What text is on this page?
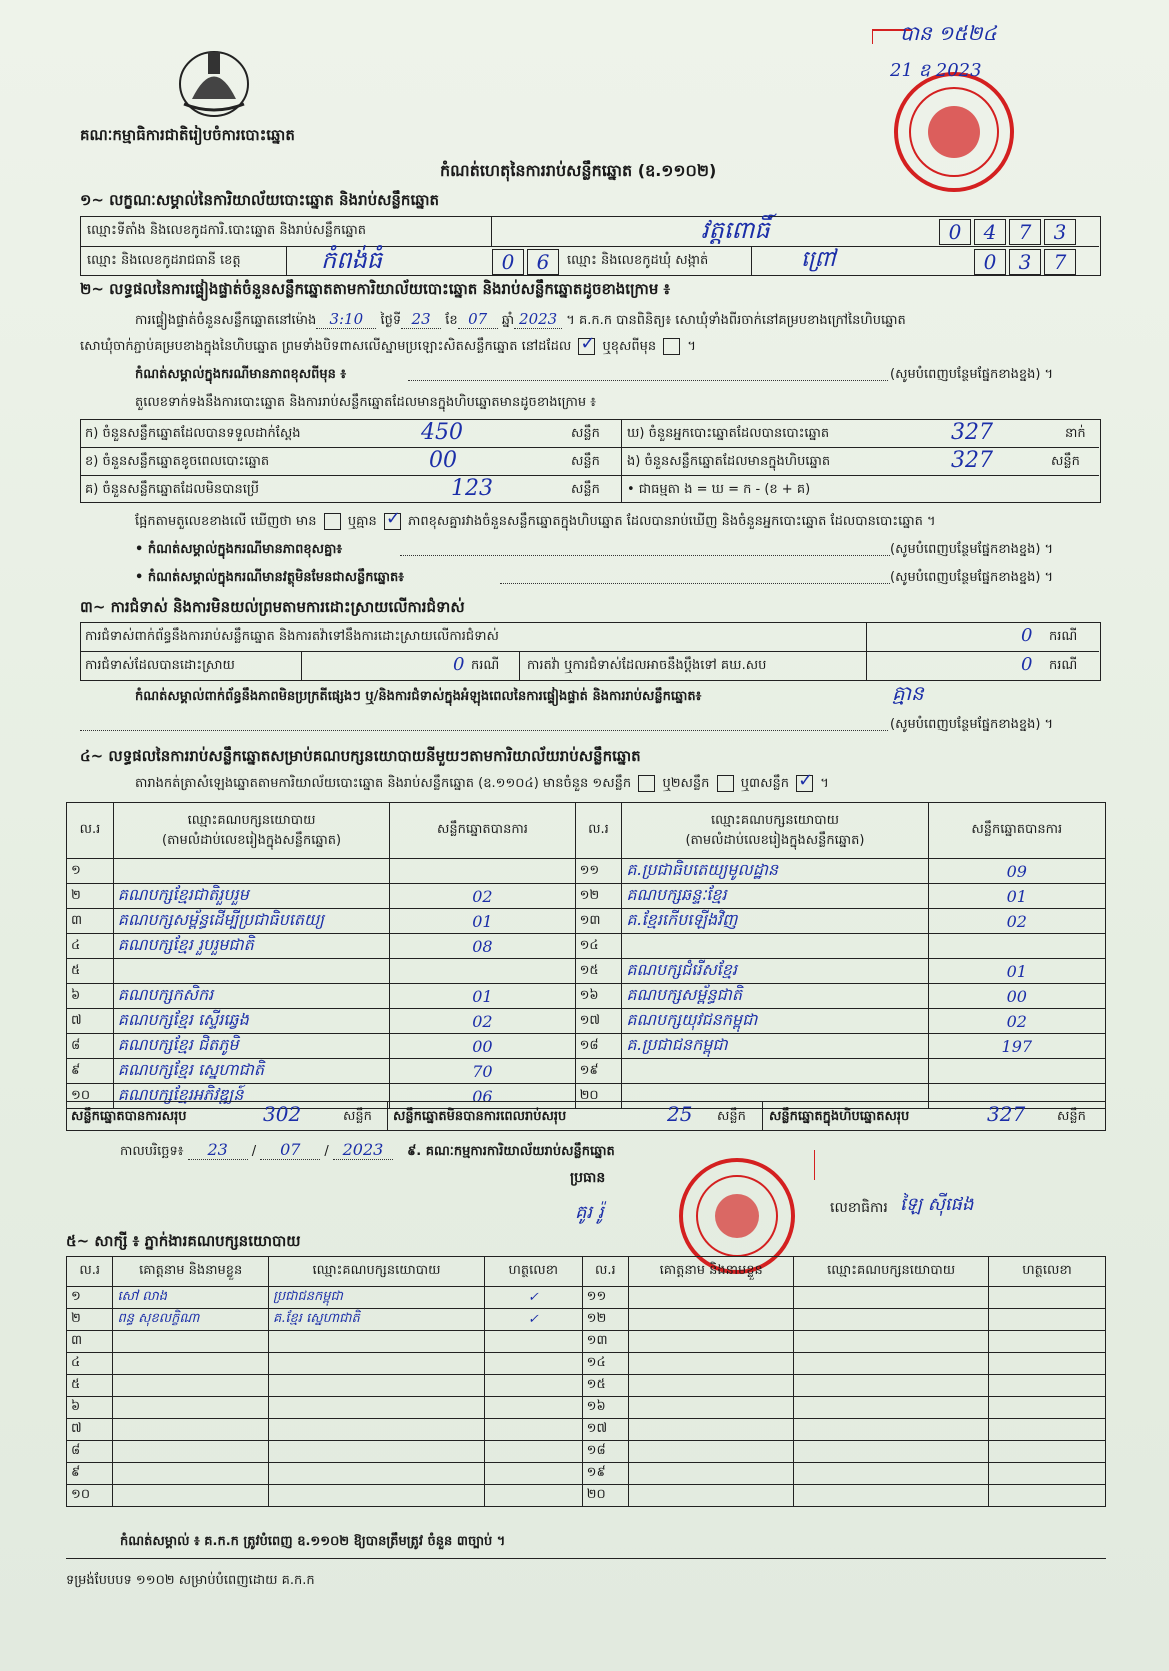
គណៈកម្មាធិការជាតិរៀបចំការបោះឆ្នោត
បាន ១៥២៤
21 ឧ 2023
កំណត់ហេតុនៃការរាប់សន្លឹកឆ្នោត (ឧ.១១០២)
១~ លក្ខណៈសម្គាល់នៃការិយាល័យបោះឆ្នោត និងរាប់សន្លឹកឆ្នោត
ឈ្មោះទីតាំង និងលេខកូដការិ.បោះឆ្នោត និងរាប់សន្លឹកឆ្នោត	វត្តពោធិ៍	0	4	7	3
ឈ្មោះ និងលេខកូដរាជធានី ខេត្ត	កំពង់ធំ	0	6	ឈ្មោះ និងលេខកូដឃុំ សង្កាត់	ព្រៅ	0	3	7
២~ លទ្ធផលនៃការផ្ទៀងផ្ទាត់ចំនួនសន្លឹកឆ្នោតតាមការិយាល័យបោះឆ្នោត និងរាប់សន្លឹកឆ្នោតដូចខាងក្រោម ៖
ការផ្ទៀងផ្ទាត់ចំនួនសន្លឹកឆ្នោតនៅម៉ោង 3:10 ថ្ងៃទី 23 ខែ 07 ឆ្នាំ 2023 ។ គ.ក.ក បានពិនិត្យ៖ សោឃុំទាំងពីរចាក់នៅគម្របខាងក្រៅនៃហិបឆ្នោត
សោឃុំចាក់ភ្ជាប់គម្របខាងក្នុងនៃហិបឆ្នោត ព្រមទាំងបិទពាសលើស្នាមប្រឡោះសិតសន្លឹកឆ្នោត នៅដដែល ✓ ឬខុសពីមុន  ។
កំណត់សម្គាល់ក្នុងករណីមានភាពខុសពីមុន ៖	(សូមបំពេញបន្ថែមផ្នែកខាងខ្នង) ។
តួលេខទាក់ទងនឹងការបោះឆ្នោត និងការរាប់សន្លឹកឆ្នោតដែលមានក្នុងហិបឆ្នោតមានដូចខាងក្រោម ៖
ក) ចំនួនសន្លឹកឆ្នោតដែលបានទទួលដាក់ស្តែង	450	សន្លឹក
ខ) ចំនួនសន្លឹកឆ្នោតខូចពេលបោះឆ្នោត	00	សន្លឹក
គ) ចំនួនសន្លឹកឆ្នោតដែលមិនបានប្រើ	123	សន្លឹក
ឃ) ចំនួនអ្នកបោះឆ្នោតដែលបានបោះឆ្នោត	327	នាក់
ង) ចំនួនសន្លឹកឆ្នោតដែលមានក្នុងហិបឆ្នោត	327	សន្លឹក
• ជាធម្មតា ង = ឃ = ក - (ខ + គ)
ផ្អែកតាមតួលេខខាងលើ ឃើញថា មាន ឬគ្មាន ✓ ភាពខុសគ្នារវាងចំនួនសន្លឹកឆ្នោតក្នុងហិបឆ្នោត ដែលបានរាប់ឃើញ និងចំនួនអ្នកបោះឆ្នោត ដែលបានបោះឆ្នោត ។
• កំណត់សម្គាល់ក្នុងករណីមានភាពខុសគ្នា៖	(សូមបំពេញបន្ថែមផ្នែកខាងខ្នង) ។
• កំណត់សម្គាល់ក្នុងករណីមានវត្ថុមិនមែនជាសន្លឹកឆ្នោត៖	(សូមបំពេញបន្ថែមផ្នែកខាងខ្នង) ។
៣~ ការជំទាស់ និងការមិនយល់ព្រមតាមការដោះស្រាយលើការជំទាស់
ការជំទាស់ពាក់ព័ន្ធនឹងការរាប់សន្លឹកឆ្នោត និងការតវ៉ាទៅនឹងការដោះស្រាយលើការជំទាស់	0 ករណី
ការជំទាស់ដែលបានដោះស្រាយ	0 ករណី ការតវ៉ា ឬការជំទាស់ដែលអាចនឹងប្តឹងទៅ គឃ.សប	0 ករណី
កំណត់សម្គាល់ពាក់ព័ន្ធនឹងភាពមិនប្រក្រតីផ្សេងៗ ឬ/និងការជំទាស់ក្នុងអំឡុងពេលនៃការផ្ទៀងផ្ទាត់ និងការរាប់សន្លឹកឆ្នោត៖	គ្មាន
(សូមបំពេញបន្ថែមផ្នែកខាងខ្នង) ។
៤~ លទ្ធផលនៃការរាប់សន្លឹកឆ្នោតសម្រាប់គណបក្សនយោបាយនីមួយៗតាមការិយាល័យរាប់សន្លឹកឆ្នោត
តារាងកត់ត្រាសំឡេងឆ្នោតតាមការិយាល័យបោះឆ្នោត និងរាប់សន្លឹកឆ្នោត (ឧ.១១០៤) មានចំនួន ១សន្លឹក ឬ២សន្លឹក ឬ៣សន្លឹក ✓ ។
ល.រ	ឈ្មោះគណបក្សនយោបាយ
(តាមលំដាប់លេខរៀងក្នុងសន្លឹកឆ្នោត)	សន្លឹកឆ្នោតបានការ	ល.រ	ឈ្មោះគណបក្សនយោបាយ
(តាមលំដាប់លេខរៀងក្នុងសន្លឹកឆ្នោត)	សន្លឹកឆ្នោតបានការ
១			១១	គ.ប្រជាធិបតេយ្យមូលដ្ឋាន	09
២	គណបក្សខ្មែរជាតិរួបរួម	02	១២	គណបក្សឆន្ទៈខ្មែរ	01
៣	គណបក្សសម្ព័ន្ធដើម្បីប្រជាធិបតេយ្យ	01	១៣	គ.ខ្មែរកើបឡើងវិញ	02
៤	គណបក្សខ្មែរ រួបរួមជាតិ	08	១៤		
៥			១៥	គណបក្សជំរើសខ្មែរ	01
៦	គណបក្សកសិករ	01	១៦	គណបក្សសម្ព័ន្ធជាតិ	00
៧	គណបក្សខ្មែរ ស្ទើរឆ្វេង	02	១៧	គណបក្សយុវជនកម្ពុជា	02
៨	គណបក្សខ្មែរ ជិតភូមិ	00	១៨	គ.ប្រជាជនកម្ពុជា	197
៩	គណបក្សខ្មែរ ស្នេហាជាតិ	70	១៩		
១០	គណបក្សខ្មែរអភិវឌ្ឍន៍	06	២០		
សន្លឹកឆ្នោតបានការសរុប	302	សន្លឹក សន្លឹកឆ្នោតមិនបានការពេលរាប់សរុប	25 សន្លឹក សន្លឹកឆ្នោតក្នុងហិបឆ្នោតសរុប	327 សន្លឹក
កាលបរិច្ឆេទ៖ 23 / 07 / 2023 ៩. គណៈកម្មការការិយាល័យរាប់សន្លឹកឆ្នោត
ប្រធាន
គូរ រ៉ូ	លេខាធិការ ឡៃ ស៊ីផេង
៥~ សាក្សី ៖ ភ្នាក់ងារគណបក្សនយោបាយ
ល.រ	គោត្តនាម និងនាមខ្លួន	ឈ្មោះគណបក្សនយោបាយ	ហត្ថលេខា	ល.រ	គោត្តនាម និងនាមខ្លួន	ឈ្មោះគណបក្សនយោបាយ	ហត្ថលេខា
១	សៅ លាង	ប្រជាជនកម្ពុជា	✓	១១			
២	ពន្ធ សុខលក្ខិណា	គ.ខ្មែរ ស្នេហាជាតិ	✓	១២			
៣				១៣			
៤				១៤			
៥				១៥			
៦				១៦			
៧				១៧			
៨				១៨			
៩				១៩			
១០				២០			
កំណត់សម្គាល់ ៖ គ.ក.ក ត្រូវបំពេញ ឧ.១១០២ ឱ្យបានត្រឹមត្រូវ ចំនួន ៣ច្បាប់ ។
ទម្រង់បែបបទ ១១០២ សម្រាប់បំពេញដោយ គ.ក.ក
